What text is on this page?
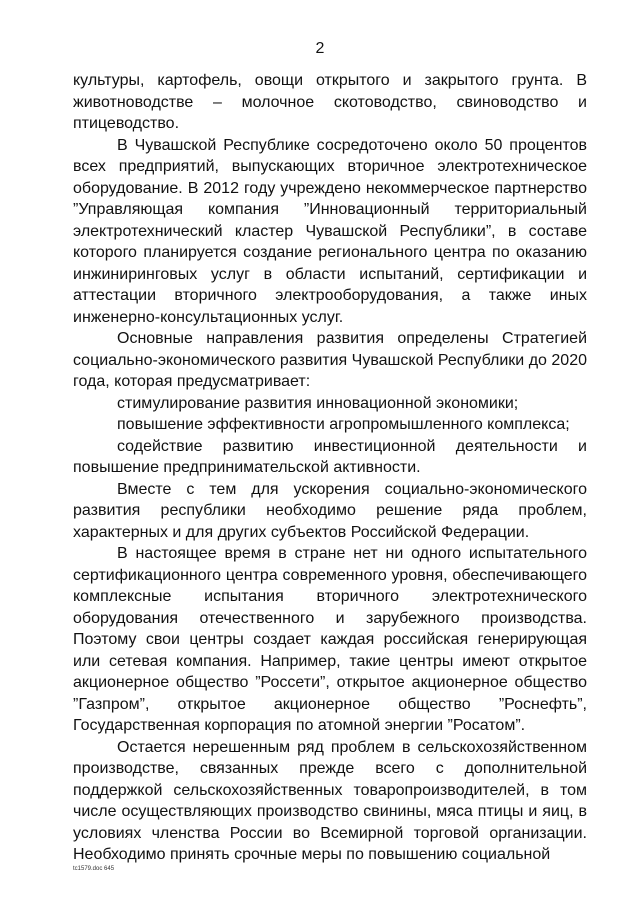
2

культуры, картофель, овощи открытого и закрытого грунта. В животноводстве – молочное скотоводство, свиноводство и птицеводство.

В Чувашской Республике сосредоточено около 50 процентов всех предприятий, выпускающих вторичное электротехническое оборудование. В 2012 году учреждено некоммерческое партнерство ”Управляющая компания ”Инновационный территориальный электротехнический кластер Чувашской Республики”, в составе которого планируется создание регионального центра по оказанию инжиниринговых услуг в области испытаний, сертификации и аттестации вторичного электрооборудования, а также иных инженерно-консультационных услуг.

Основные направления развития определены Стратегией социально-экономического развития Чувашской Республики до 2020 года, которая предусматривает:

стимулирование развития инновационной экономики;

повышение эффективности агропромышленного комплекса;

содействие развитию инвестиционной деятельности и повышение предпринимательской активности.

Вместе с тем для ускорения социально-экономического развития республики необходимо решение ряда проблем, характерных и для других субъектов Российской Федерации.

В настоящее время в стране нет ни одного испытательного сертификационного центра современного уровня, обеспечивающего комплексные испытания вторичного электротехнического оборудования отечественного и зарубежного производства. Поэтому свои центры создает каждая российская генерирующая или сетевая компания. Например, такие центры имеют открытое акционерное общество ”Россети”, открытое акционерное общество ”Газпром”, открытое акционерное общество ”Роснефть”, Государственная корпорация по атомной энергии ”Росатом”.

Остается нерешенным ряд проблем в сельскохозяйственном производстве, связанных прежде всего с дополнительной поддержкой сельскохозяйственных товаропроизводителей, в том числе осуществляющих производство свинины, мяса птицы и яиц, в условиях членства России во Всемирной торговой организации. Необходимо принять срочные меры по повышению социальной

tc1579.doc 645
